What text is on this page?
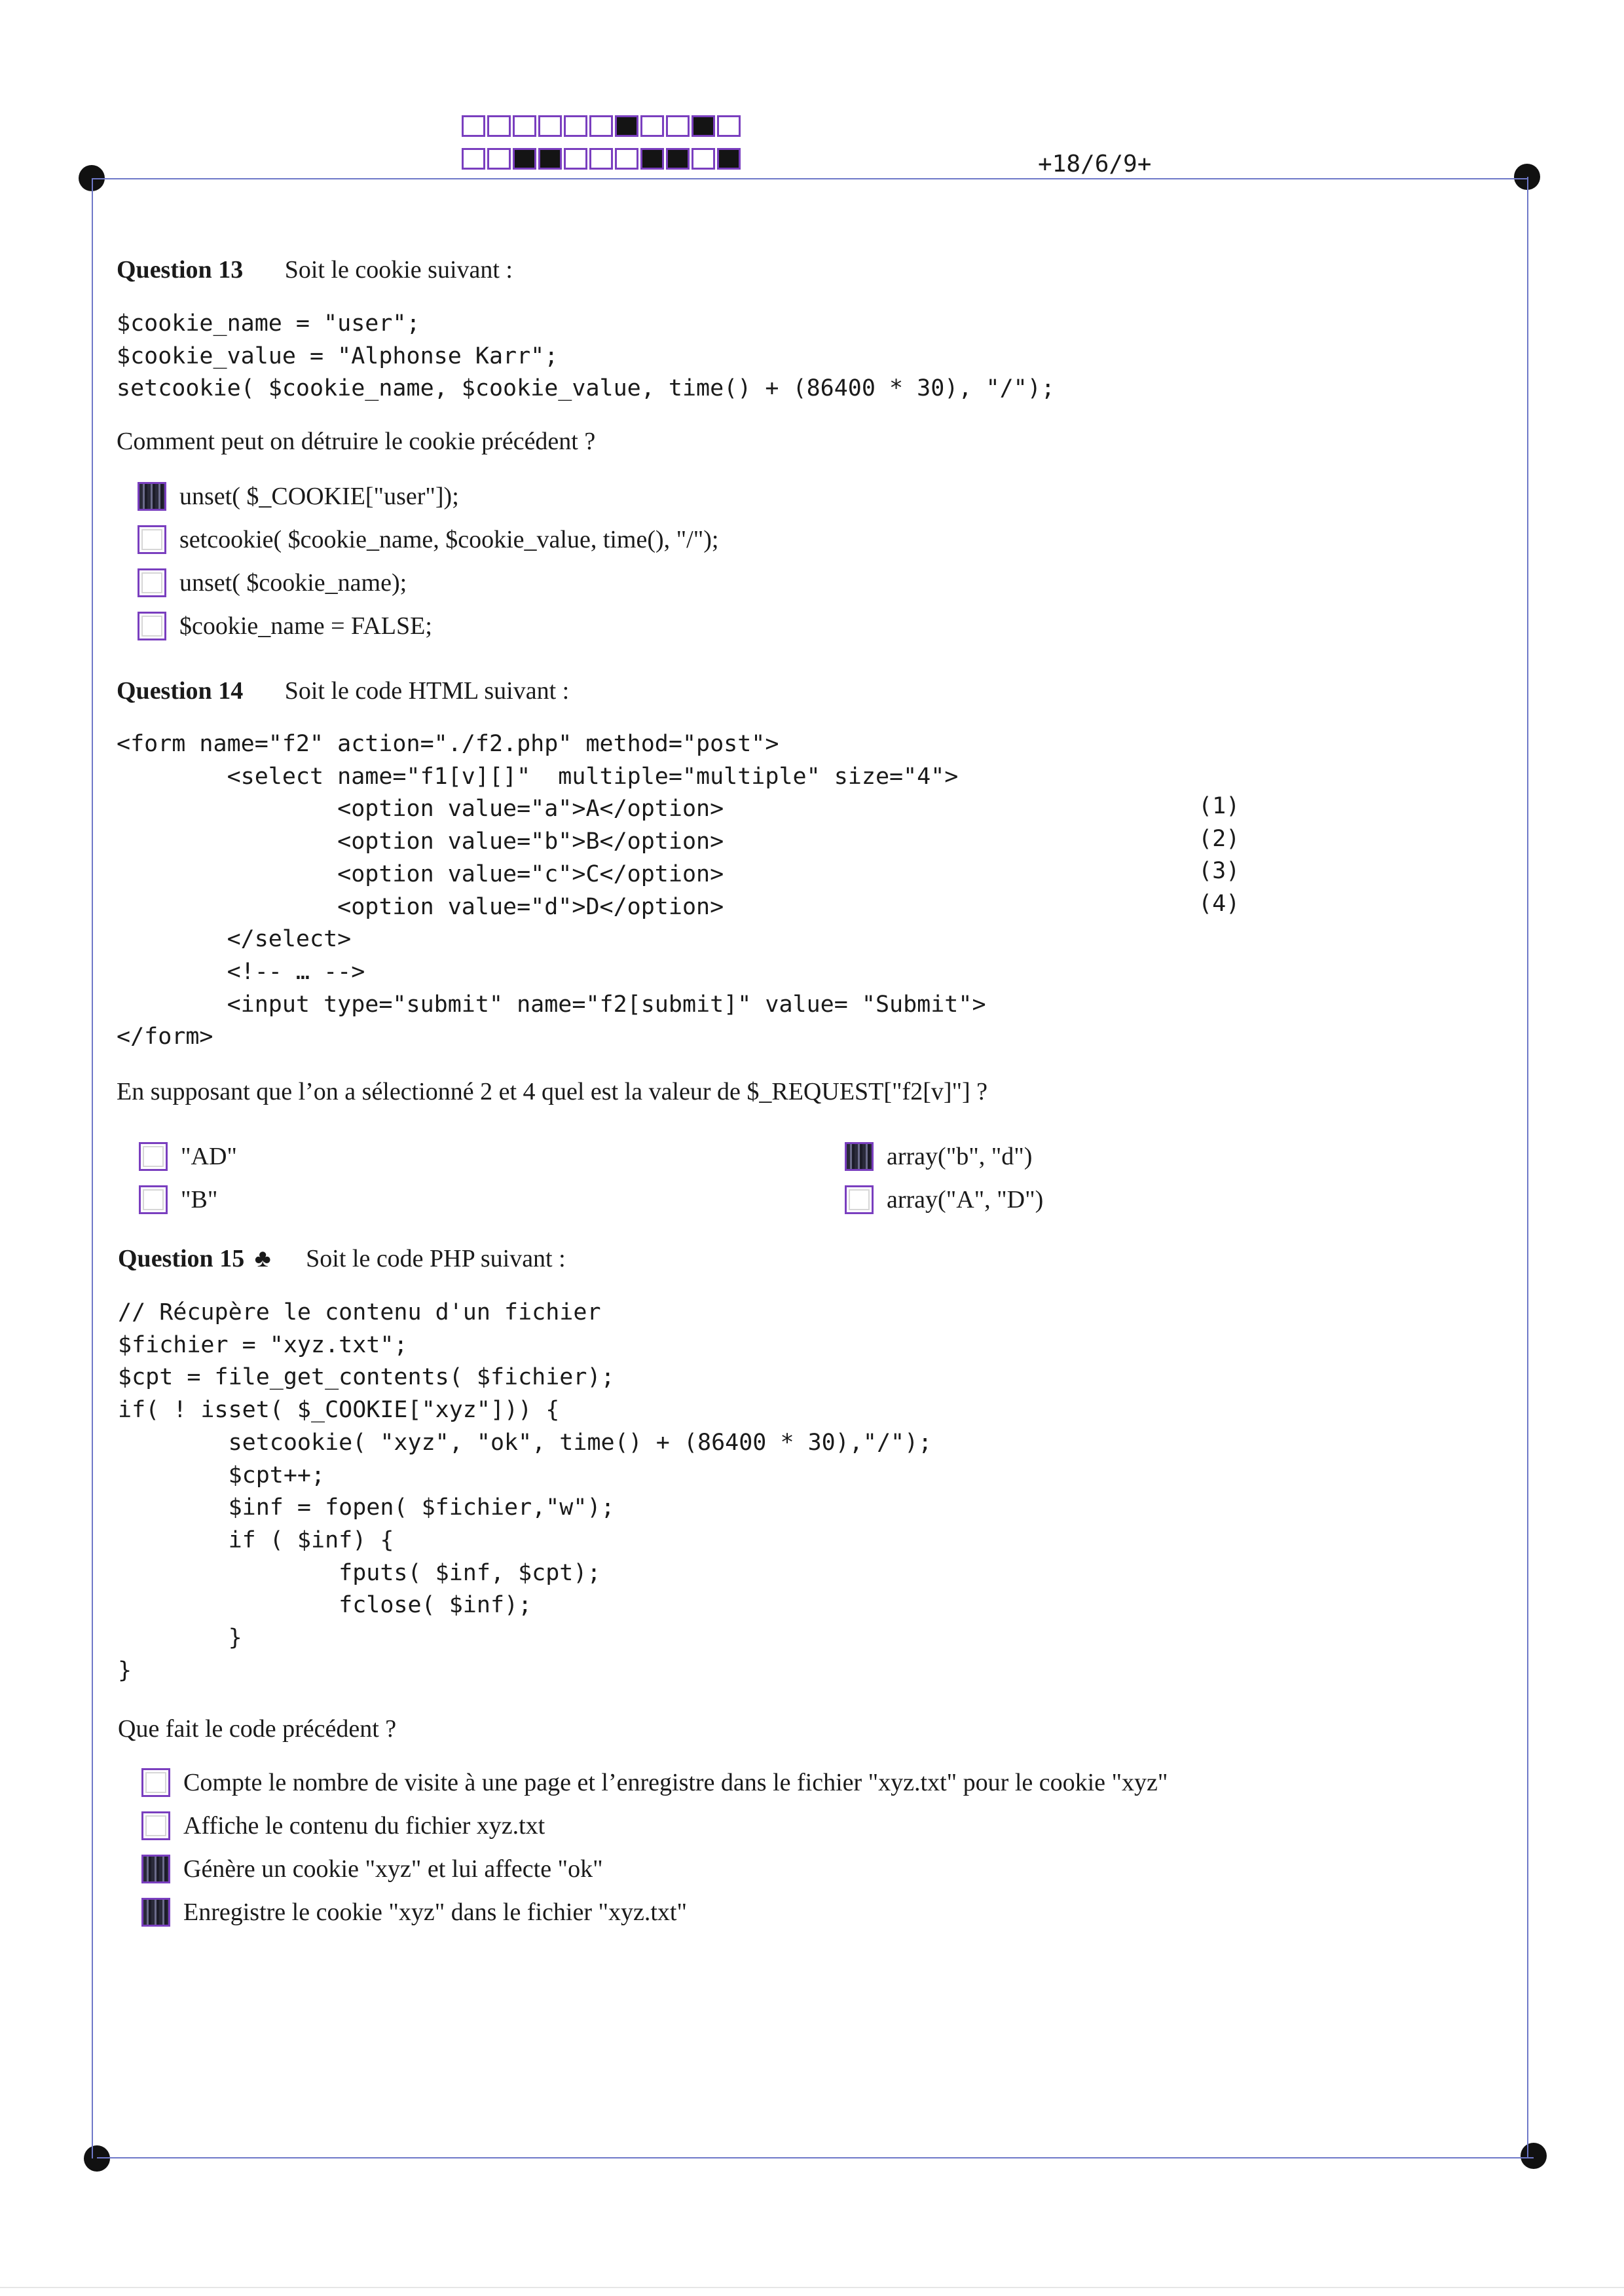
+18/6/9+
Question 13 Soit le cookie suivant :
$cookie_name = "user";
$cookie_value = "Alphonse Karr";
setcookie( $cookie_name, $cookie_value, time() + (86400 * 30), "/");
Comment peut on détruire le cookie précédent ?
unset( $_COOKIE["user"]);
setcookie( $cookie_name, $cookie_value, time(), "/");
unset( $cookie_name);
$cookie_name = FALSE;
Question 14 Soit le code HTML suivant :
<form name="f2" action="./f2.php" method="post">
<select name="f1[v][]"  multiple="multiple" size="4">
<option value="a">A</option>
<option value="b">B</option>
<option value="c">C</option>
<option value="d">D</option>
</select>
<!-- … -->
<input type="submit" name="f2[submit]" value= "Submit">
</form>
(1)
(2)
(3)
(4)
En supposant que l’on a sélectionné 2 et 4 quel est la valeur de $_REQUEST["f2[v]"] ?
"AD"
"B"
array("b", "d")
array("A", "D")
Question 15 ♣ Soit le code PHP suivant :
// Récupère le contenu d'un fichier
$fichier = "xyz.txt";
$cpt = file_get_contents( $fichier);
if( ! isset( $_COOKIE["xyz"])) {
setcookie( "xyz", "ok", time() + (86400 * 30),"/");
$cpt++;
$inf = fopen( $fichier,"w");
if ( $inf) {
fputs( $inf, $cpt);
fclose( $inf);
}
}
Que fait le code précédent ?
Compte le nombre de visite à une page et l’enregistre dans le fichier "xyz.txt" pour le cookie "xyz"
Affiche le contenu du fichier xyz.txt
Génère un cookie "xyz" et lui affecte "ok"
Enregistre le cookie "xyz" dans le fichier "xyz.txt"
